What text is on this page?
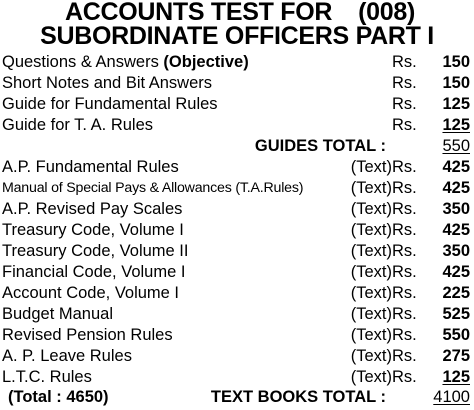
ACCOUNTS TEST FOR (008)
SUBORDINATE OFFICERS PART I
Questions & Answers (Objective)	Rs. 150
Short Notes and Bit Answers	Rs. 150
Guide for Fundamental Rules	Rs. 125
Guide for T. A. Rules	Rs. 125
GUIDES TOTAL :	550
A.P. Fundamental Rules	(Text) Rs. 425
Manual of Special Pays & Allowances (T.A.Rules)	(Text) Rs. 425
A.P. Revised Pay Scales	(Text) Rs. 350
Treasury Code, Volume I	(Text) Rs. 425
Treasury Code, Volume II	(Text) Rs. 350
Financial Code, Volume I	(Text) Rs. 425
Account Code, Volume I	(Text) Rs. 225
Budget Manual	(Text) Rs. 525
Revised Pension Rules	(Text) Rs. 550
A. P. Leave Rules	(Text) Rs. 275
L.T.C. Rules	(Text) Rs. 125
(Total : 4650)	TEXT BOOKS TOTAL :	4100
